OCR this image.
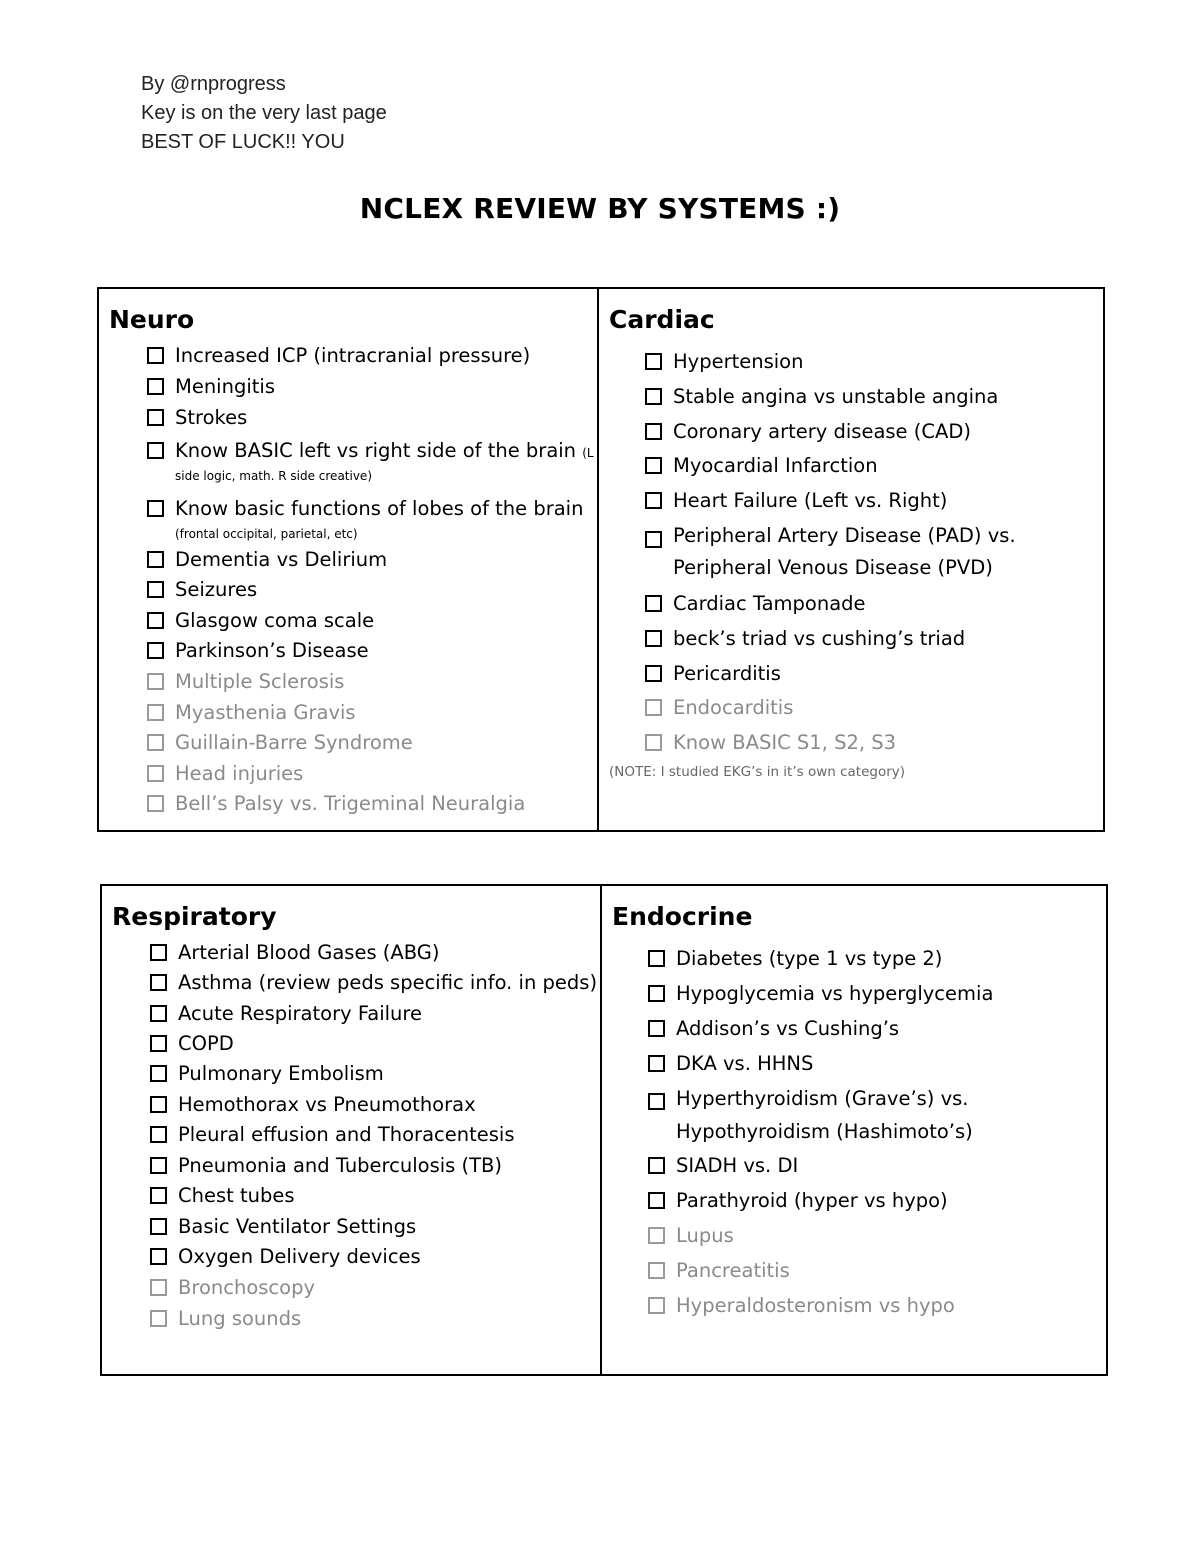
By @rnprogress
Key is on the very last page
BEST OF LUCK!! YOU
NCLEX REVIEW BY SYSTEMS :)
Neuro
Increased ICP (intracranial pressure)
Meningitis
Strokes
Know BASIC left vs right side of the brain (L
side logic, math. R side creative)
Know basic functions of lobes of the brain
(frontal occipital, parietal, etc)
Dementia vs Delirium
Seizures
Glasgow coma scale
Parkinson’s Disease
Multiple Sclerosis
Myasthenia Gravis
Guillain-Barre Syndrome
Head injuries
Bell’s Palsy vs. Trigeminal Neuralgia
Cardiac
Hypertension
Stable angina vs unstable angina
Coronary artery disease (CAD)
Myocardial Infarction
Heart Failure (Left vs. Right)
Peripheral Artery Disease (PAD) vs.
Peripheral Venous Disease (PVD)
Cardiac Tamponade
beck’s triad vs cushing’s triad
Pericarditis
Endocarditis
Know BASIC S1, S2, S3
(NOTE: I studied EKG’s in it’s own category)
Respiratory
Arterial Blood Gases (ABG)
Asthma (review peds specific info. in peds)
Acute Respiratory Failure
COPD
Pulmonary Embolism
Hemothorax vs Pneumothorax
Pleural effusion and Thoracentesis
Pneumonia and Tuberculosis (TB)
Chest tubes
Basic Ventilator Settings
Oxygen Delivery devices
Bronchoscopy
Lung sounds
Endocrine
Diabetes (type 1 vs type 2)
Hypoglycemia vs hyperglycemia
Addison’s vs Cushing’s
DKA vs. HHNS
Hyperthyroidism (Grave’s) vs.
Hypothyroidism (Hashimoto’s)
SIADH vs. DI
Parathyroid (hyper vs hypo)
Lupus
Pancreatitis
Hyperaldosteronism vs hypo
